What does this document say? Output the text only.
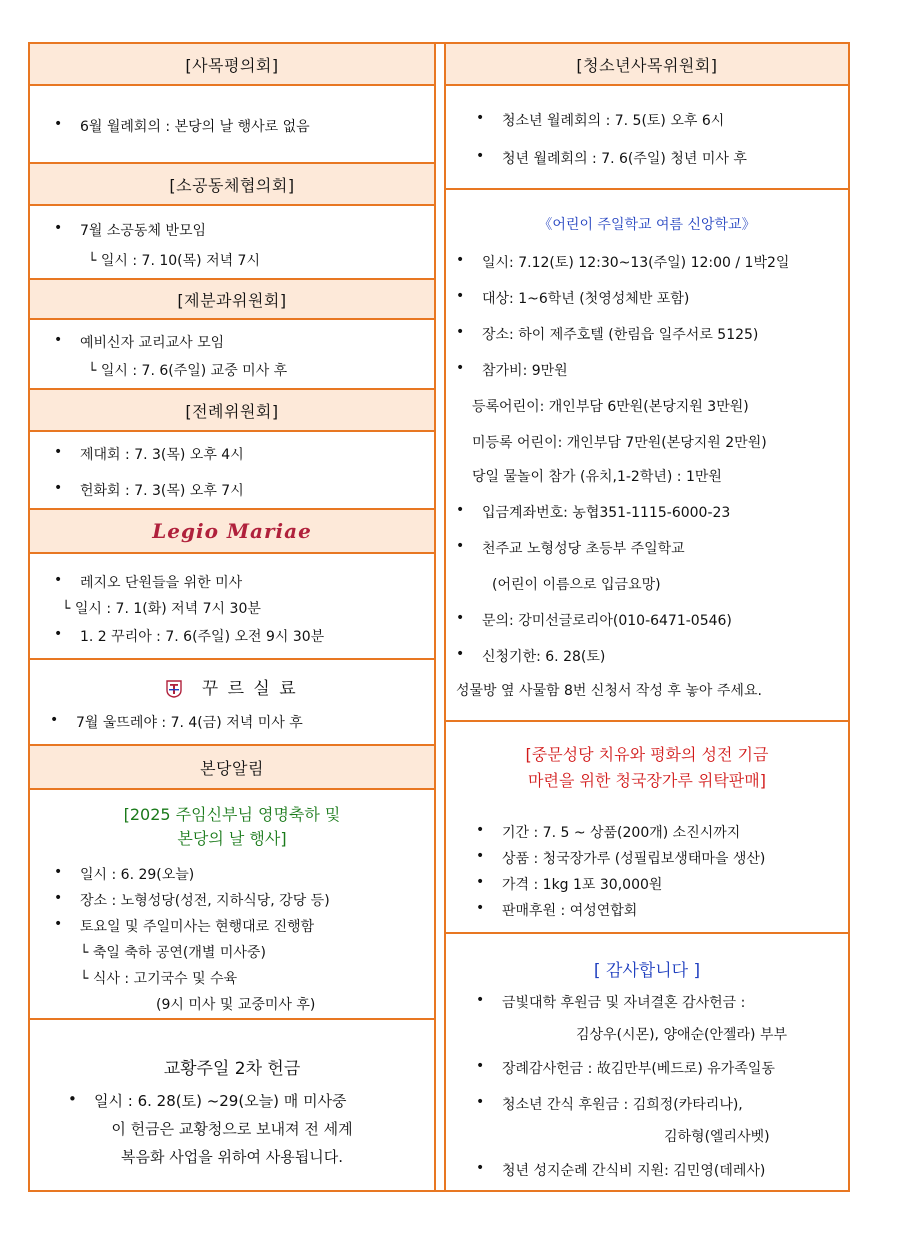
[사목평의회]
• 6월 월례회의 : 본당의 날 행사로 없음
[소공동체협의회]
• 7월 소공동체 반모임
└ 일시 : 7. 10(목) 저녁 7시
[제분과위원회]
• 예비신자 교리교사 모임
└ 일시 : 7. 6(주일) 교중 미사 후
[전례위원회]
• 제대회 : 7. 3(목) 오후 4시
• 헌화회 : 7. 3(목) 오후 7시
Legio Mariae
• 레지오 단원들을 위한 미사
└ 일시 : 7. 1(화) 저녁 7시 30분
• 1. 2 꾸리아 : 7. 6(주일) 오전 9시 30분
꾸 르 실 료
• 7월 울뜨레야 : 7. 4(금) 저녁 미사 후
본당알림
[2025 주임신부님 영명축하 및
본당의 날 행사]
• 일시 : 6. 29(오늘)
• 장소 : 노형성당(성전, 지하식당, 강당 등)
• 토요일 및 주일미사는 현행대로 진행함
└ 축일 축하 공연(개별 미사중)
└ 식사 : 고기국수 및 수육
(9시 미사 및 교중미사 후)
교황주일 2차 헌금
• 일시 : 6. 28(토) ~29(오늘) 매 미사중
이 헌금은 교황청으로 보내져 전 세계
복음화 사업을 위하여 사용됩니다.
[청소년사목위원회]
• 청소년 월례회의 : 7. 5(토) 오후 6시
• 청년 월례회의 : 7. 6(주일) 청년 미사 후
《어린이 주일학교 여름 신앙학교》
• 일시: 7.12(토) 12:30~13(주일) 12:00 / 1박2일
• 대상: 1~6학년 (첫영성체반 포함)
• 장소: 하이 제주호텔 (한림읍 일주서로 5125)
• 참가비: 9만원
등록어린이: 개인부담 6만원(본당지원 3만원)
미등록 어린이: 개인부담 7만원(본당지원 2만원)
당일 물놀이 참가 (유치,1-2학년) : 1만원
• 입금계좌번호: 농협351-1115-6000-23
• 천주교 노형성당 초등부 주일학교
(어린이 이름으로 입금요망)
• 문의: 강미선글로리아(010-6471-0546)
• 신청기한: 6. 28(토)
성물방 옆 사물함 8번 신청서 작성 후 놓아 주세요.
[중문성당 치유와 평화의 성전 기금
마련을 위한 청국장가루 위탁판매]
• 기간 : 7. 5 ~ 상품(200개) 소진시까지
• 상품 : 청국장가루 (성필립보생태마을 생산)
• 가격 : 1kg 1포 30,000원
• 판매후원 : 여성연합회
[ 감사합니다 ]
• 금빛대학 후원금 및 자녀결혼 감사헌금 :
김상우(시몬), 양애순(안젤라) 부부
• 장례감사헌금 : 故김만부(베드로) 유가족일동
• 청소년 간식 후원금 : 김희정(카타리나),
김하형(엘리사벳)
• 청년 성지순례 간식비 지원: 김민영(데레사)
